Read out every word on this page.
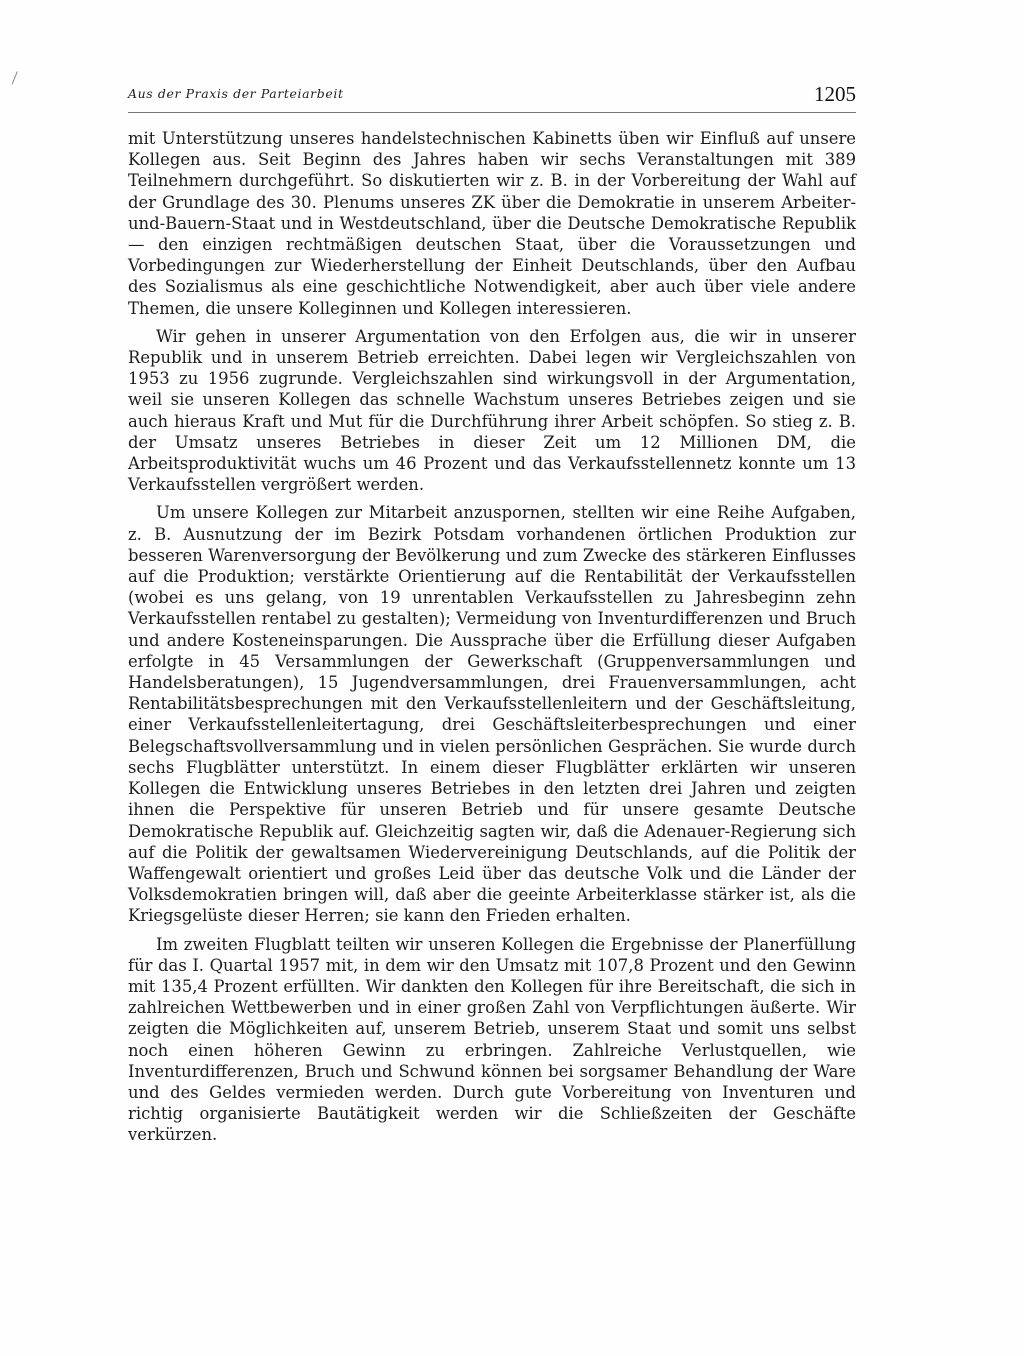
Aus der Praxis der Parteiarbeit	1205

mit Unterstützung unseres handelstechnischen Kabinetts üben wir Einfluß auf unsere Kollegen aus. Seit Beginn des Jahres haben wir sechs Veranstaltungen mit 389 Teilnehmern durchgeführt. So diskutierten wir z. B. in der Vorbereitung der Wahl auf der Grundlage des 30. Plenums unseres ZK über die Demokratie in unserem Arbeiter-und-Bauern-Staat und in Westdeutschland, über die Deutsche Demokratische Republik — den einzigen rechtmäßigen deutschen Staat, über die Voraussetzungen und Vorbedingungen zur Wiederherstellung der Einheit Deutschlands, über den Aufbau des Sozialismus als eine geschichtliche Notwendigkeit, aber auch über viele andere Themen, die unsere Kolleginnen und Kollegen interessieren.

Wir gehen in unserer Argumentation von den Erfolgen aus, die wir in unserer Republik und in unserem Betrieb erreichten. Dabei legen wir Vergleichszahlen von 1953 zu 1956 zugrunde. Vergleichszahlen sind wirkungsvoll in der Argumentation, weil sie unseren Kollegen das schnelle Wachstum unseres Betriebes zeigen und sie auch hieraus Kraft und Mut für die Durchführung ihrer Arbeit schöpfen. So stieg z. B. der Umsatz unseres Betriebes in dieser Zeit um 12 Millionen DM, die Arbeitsproduktivität wuchs um 46 Prozent und das Verkaufsstellennetz konnte um 13 Verkaufsstellen vergrößert werden.

Um unsere Kollegen zur Mitarbeit anzuspornen, stellten wir eine Reihe Aufgaben, z. B. Ausnutzung der im Bezirk Potsdam vorhandenen örtlichen Produktion zur besseren Warenversorgung der Bevölkerung und zum Zwecke des stärkeren Einflusses auf die Produktion; verstärkte Orientierung auf die Rentabilität der Verkaufsstellen (wobei es uns gelang, von 19 unrentablen Verkaufsstellen zu Jahresbeginn zehn Verkaufsstellen rentabel zu gestalten); Vermeidung von Inventurdifferenzen und Bruch und andere Kosteneinsparungen. Die Aussprache über die Erfüllung dieser Aufgaben erfolgte in 45 Versammlungen der Gewerkschaft (Gruppenversammlungen und Handelsberatungen), 15 Jugendversammlungen, drei Frauenversammlungen, acht Rentabilitätsbesprechungen mit den Verkaufsstellenleitern und der Geschäftsleitung, einer Verkaufsstellenleitertagung, drei Geschäftsleiterbesprechungen und einer Belegschaftsvollversammlung und in vielen persönlichen Gesprächen. Sie wurde durch sechs Flugblätter unterstützt. In einem dieser Flugblätter erklärten wir unseren Kollegen die Entwicklung unseres Betriebes in den letzten drei Jahren und zeigten ihnen die Perspektive für unseren Betrieb und für unsere gesamte Deutsche Demokratische Republik auf. Gleichzeitig sagten wir, daß die Adenauer-Regierung sich auf die Politik der gewaltsamen Wiedervereinigung Deutschlands, auf die Politik der Waffengewalt orientiert und großes Leid über das deutsche Volk und die Länder der Volksdemokratien bringen will, daß aber die geeinte Arbeiterklasse stärker ist, als die Kriegsgelüste dieser Herren; sie kann den Frieden erhalten.

Im zweiten Flugblatt teilten wir unseren Kollegen die Ergebnisse der Planerfüllung für das I. Quartal 1957 mit, in dem wir den Umsatz mit 107,8 Prozent und den Gewinn mit 135,4 Prozent erfüllten. Wir dankten den Kollegen für ihre Bereitschaft, die sich in zahlreichen Wettbewerben und in einer großen Zahl von Verpflichtungen äußerte. Wir zeigten die Möglichkeiten auf, unserem Betrieb, unserem Staat und somit uns selbst noch einen höheren Gewinn zu erbringen. Zahlreiche Verlustquellen, wie Inventurdifferenzen, Bruch und Schwund können bei sorgsamer Behandlung der Ware und des Geldes vermieden werden. Durch gute Vorbereitung von Inventuren und richtig organisierte Bautätigkeit werden wir die Schließzeiten der Geschäfte verkürzen.
